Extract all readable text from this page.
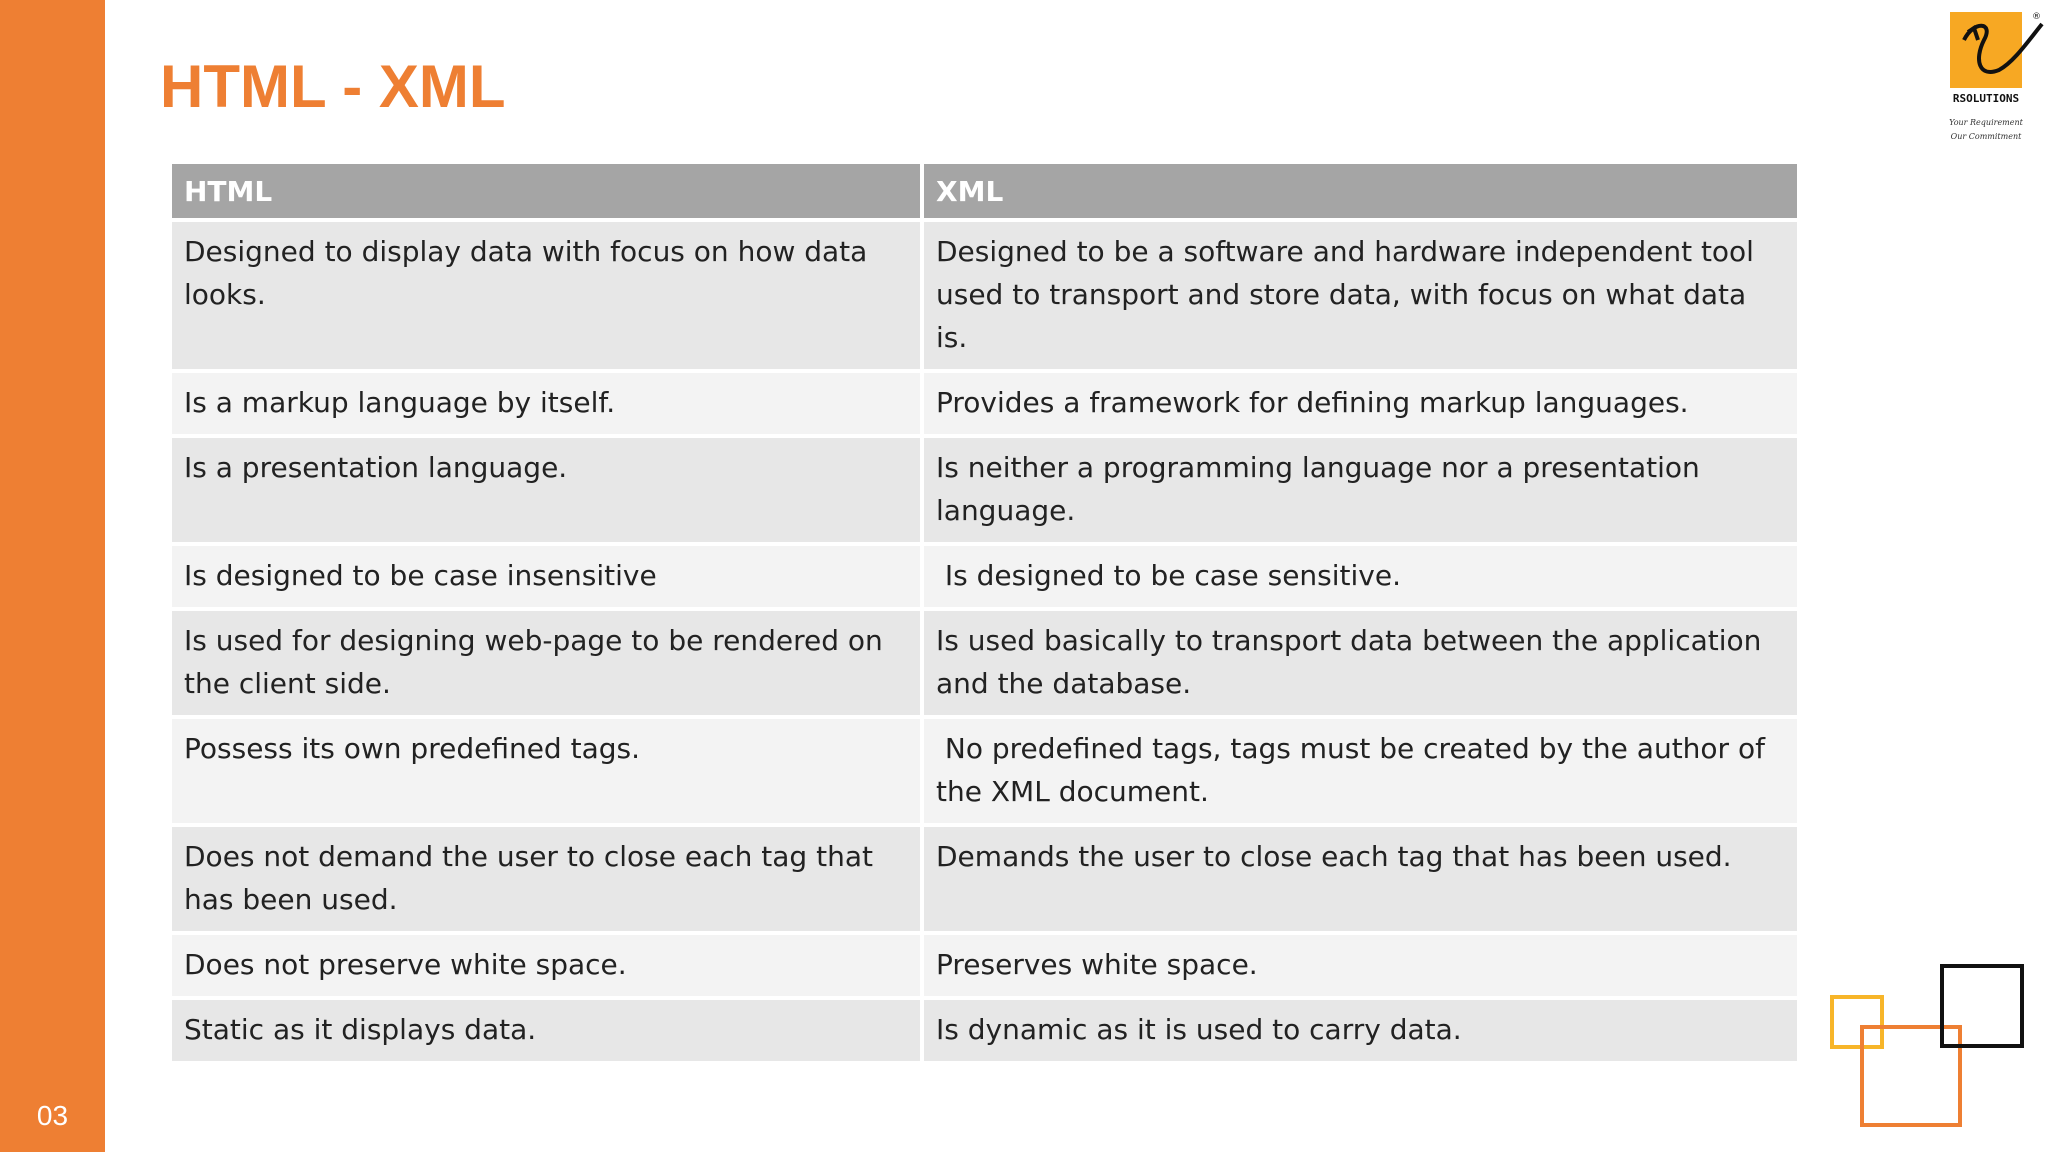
03
HTML - XML
®
RSOLUTIONS
Your Requirement
Our Commitment
HTML	XML
Designed to display data with focus on how data looks.	Designed to be a software and hardware independent tool used to transport and store data, with focus on what data is.
Is a markup language by itself.	Provides a framework for defining markup languages.
Is a presentation language.	Is neither a programming language nor a presentation language.
Is designed to be case insensitive	Is designed to be case sensitive.
Is used for designing web-page to be rendered on the client side.	Is used basically to transport data between the application and the database.
Possess its own predefined tags.	No predefined tags, tags must be created by the author of the XML document.
Does not demand the user to close each tag that has been used.	Demands the user to close each tag that has been used.
Does not preserve white space.	Preserves white space.
Static as it displays data.	Is dynamic as it is used to carry data.
